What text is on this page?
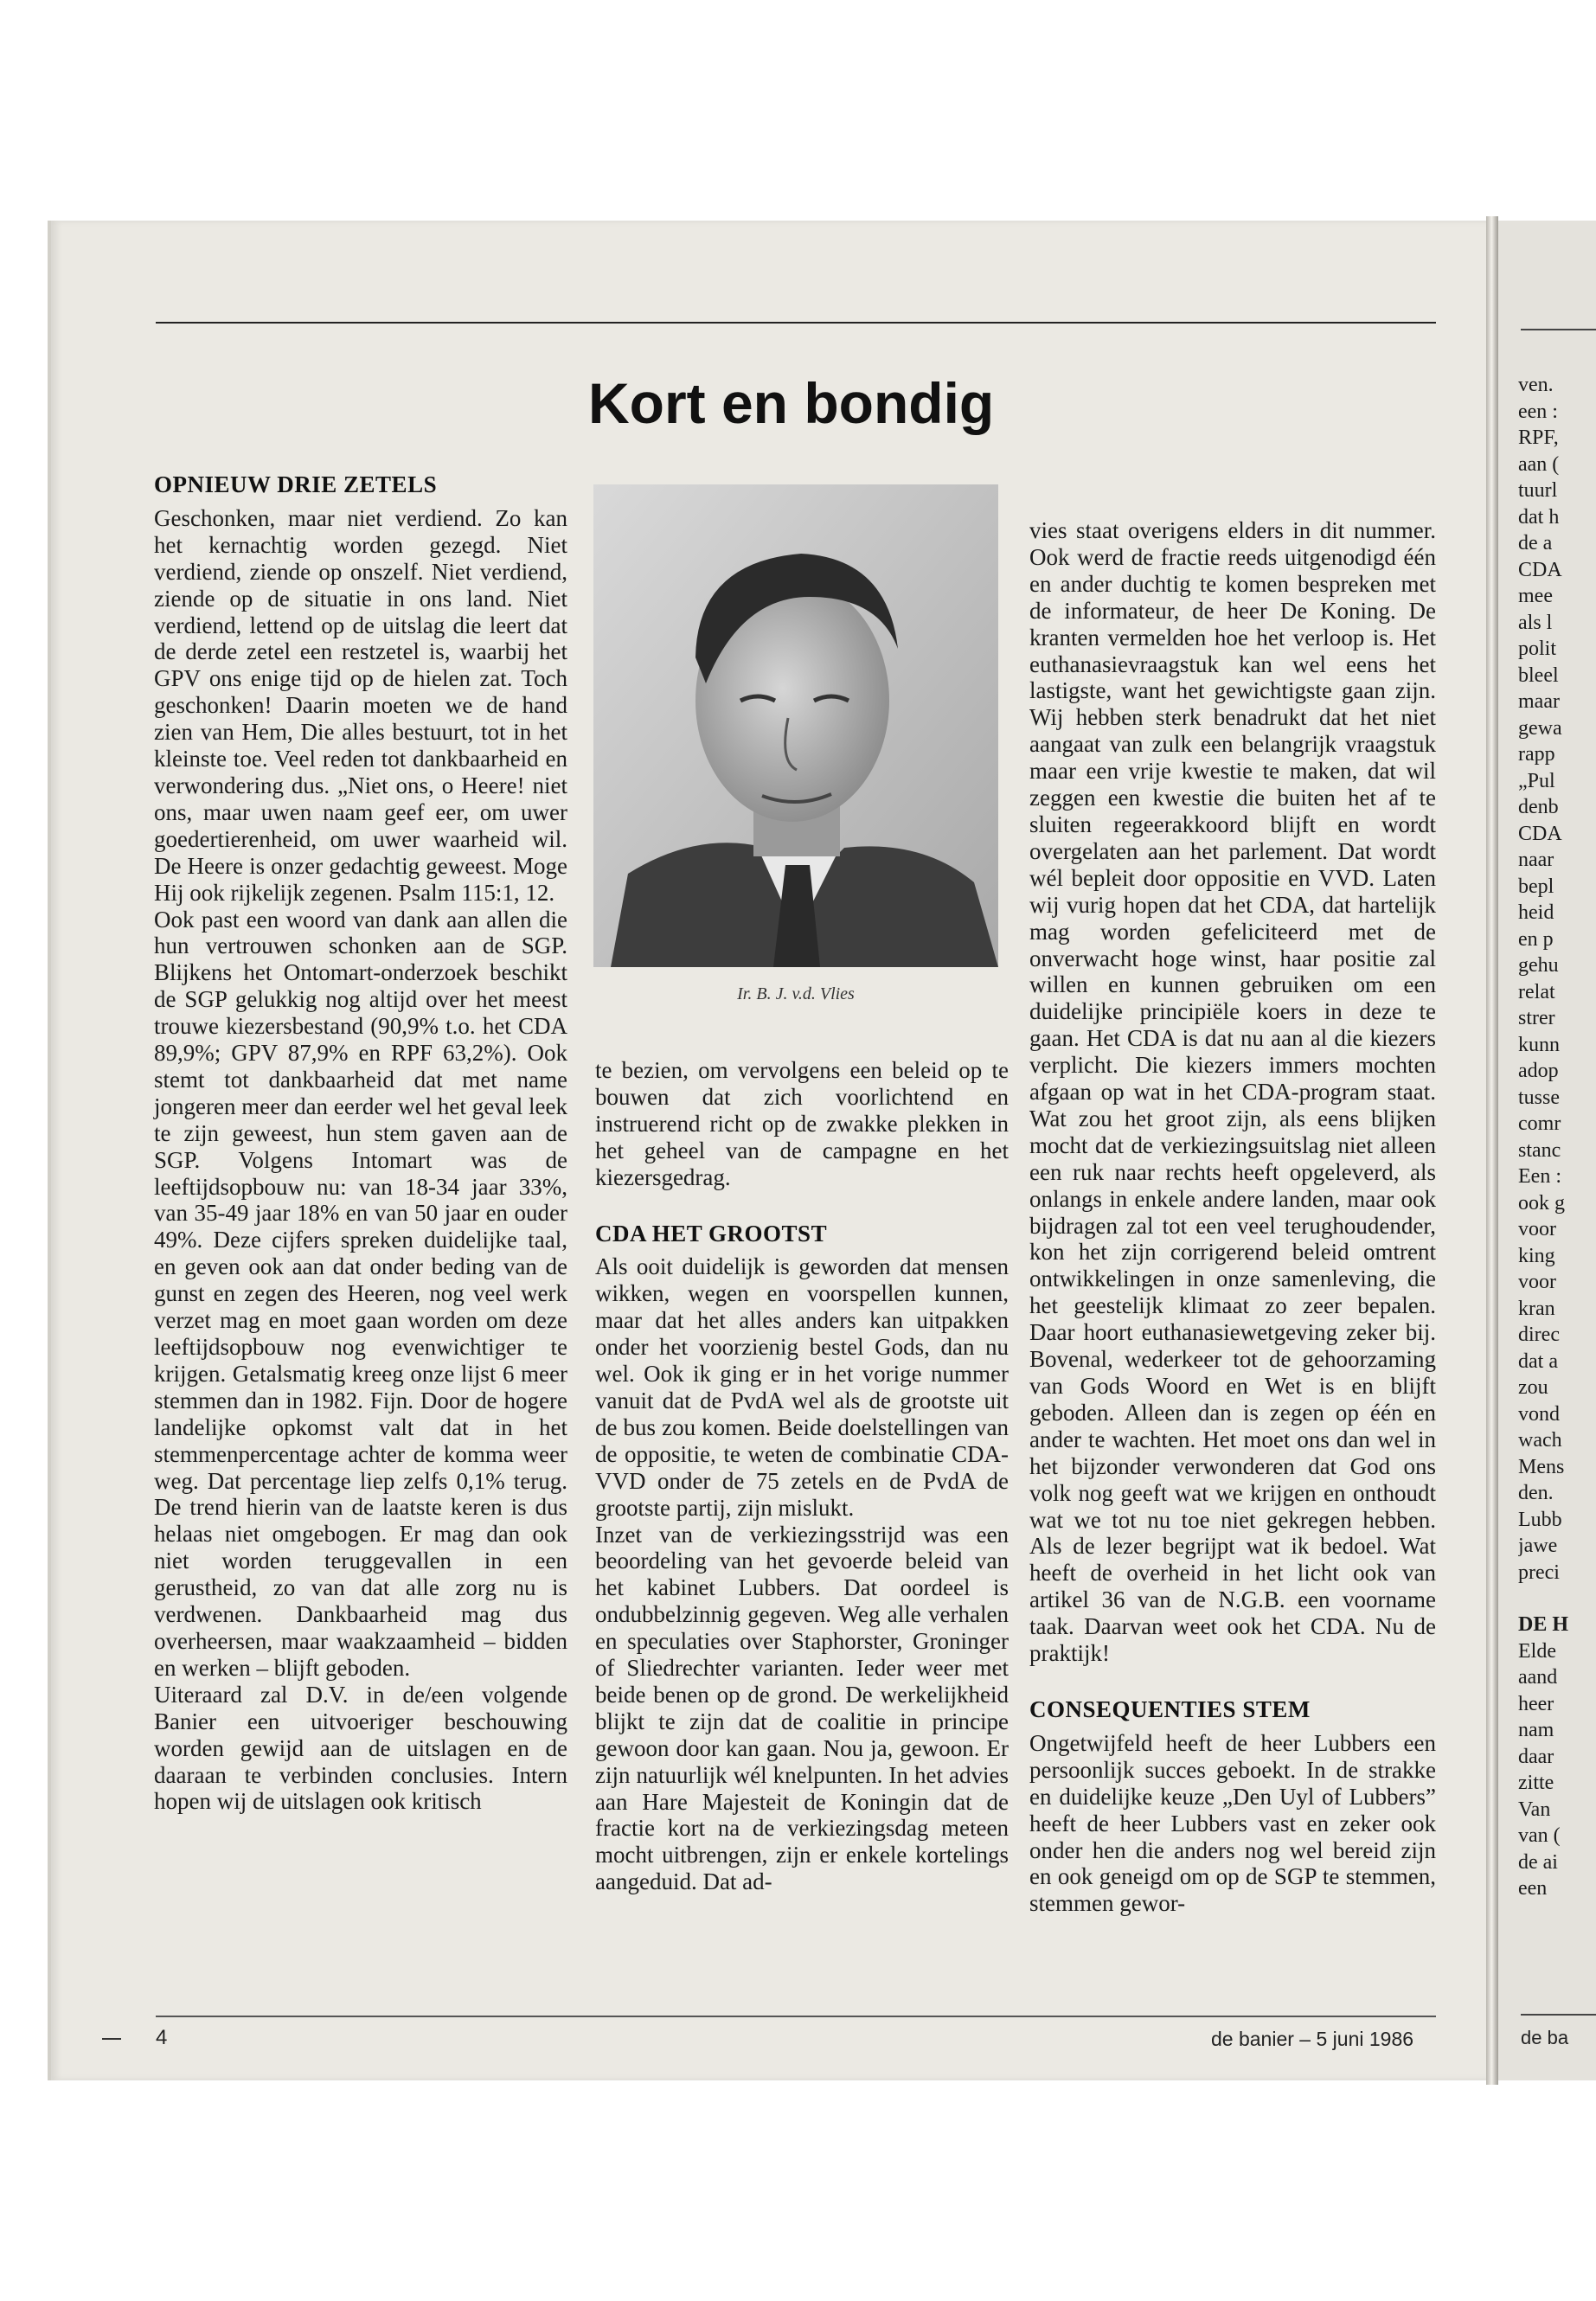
Kort en bondig
OPNIEUW DRIE ZETELS

Geschonken, maar niet verdiend. Zo kan het kernachtig worden gezegd. Niet verdiend, ziende op onszelf. Niet verdiend, ziende op de situatie in ons land. Niet verdiend, lettend op de uitslag die leert dat de derde zetel een restzetel is, waarbij het GPV ons enige tijd op de hielen zat. Toch geschonken! Daarin moeten we de hand zien van Hem, Die alles bestuurt, tot in het kleinste toe. Veel reden tot dankbaarheid en verwondering dus. „Niet ons, o Heere! niet ons, maar uwen naam geef eer, om uwer goedertierenheid, om uwer waarheid wil. De Heere is onzer gedachtig geweest. Moge Hij ook rijkelijk zegenen. Psalm 115:1, 12.

Ook past een woord van dank aan allen die hun vertrouwen schonken aan de SGP. Blijkens het Ontomart-onderzoek beschikt de SGP gelukkig nog altijd over het meest trouwe kiezersbestand (90,9% t.o. het CDA 89,9%; GPV 87,9% en RPF 63,2%). Ook stemt tot dankbaarheid dat met name jongeren meer dan eerder wel het geval leek te zijn geweest, hun stem gaven aan de SGP. Volgens Intomart was de leeftijdsopbouw nu: van 18-34 jaar 33%, van 35-49 jaar 18% en van 50 jaar en ouder 49%. Deze cijfers spreken duidelijke taal, en geven ook aan dat onder beding van de gunst en zegen des Heeren, nog veel werk verzet mag en moet gaan worden om deze leeftijdsopbouw nog evenwichtiger te krijgen. Getalsmatig kreeg onze lijst 6 meer stemmen dan in 1982. Fijn. Door de hogere landelijke opkomst valt dat in het stemmenpercentage achter de komma weer weg. Dat percentage liep zelfs 0,1% terug. De trend hierin van de laatste keren is dus helaas niet omgebogen. Er mag dan ook niet worden teruggevallen in een gerustheid, zo van dat alle zorg nu is verdwenen. Dankbaarheid mag dus overheersen, maar waakzaamheid – bidden en werken – blijft geboden.

Uiteraard zal D.V. in de/een volgende Banier een uitvoeriger beschouwing worden gewijd aan de uitslagen en de daaraan te verbinden conclusies. Intern hopen wij de uitslagen ook kritisch

Ir. B. J. v.d. Vlies

te bezien, om vervolgens een beleid op te bouwen dat zich voorlichtend en instruerend richt op de zwakke plekken in het geheel van de campagne en het kiezersgedrag.

CDA HET GROOTST

Als ooit duidelijk is geworden dat mensen wikken, wegen en voorspellen kunnen, maar dat het alles anders kan uitpakken onder het voorzienig bestel Gods, dan nu wel. Ook ik ging er in het vorige nummer vanuit dat de PvdA wel als de grootste uit de bus zou komen. Beide doelstellingen van de oppositie, te weten de combinatie CDA-VVD onder de 75 zetels en de PvdA de grootste partij, zijn mislukt.

Inzet van de verkiezingsstrijd was een beoordeling van het gevoerde beleid van het kabinet Lubbers. Dat oordeel is ondubbelzinnig gegeven. Weg alle verhalen en speculaties over Staphorster, Groninger of Sliedrechter varianten. Ieder weer met beide benen op de grond. De werkelijkheid blijkt te zijn dat de coalitie in principe gewoon door kan gaan. Nou ja, gewoon. Er zijn natuurlijk wél knelpunten. In het advies aan Hare Majesteit de Koningin dat de fractie kort na de verkiezingsdag meteen mocht uitbrengen, zijn er enkele kortelings aangeduid. Dat ad-

vies staat overigens elders in dit nummer. Ook werd de fractie reeds uitgenodigd één en ander duchtig te komen bespreken met de informateur, de heer De Koning. De kranten vermelden hoe het verloop is. Het euthanasievraagstuk kan wel eens het lastigste, want het gewichtigste gaan zijn. Wij hebben sterk benadrukt dat het niet aangaat van zulk een belangrijk vraagstuk maar een vrije kwestie te maken, dat wil zeggen een kwestie die buiten het af te sluiten regeerakkoord blijft en wordt overgelaten aan het parlement. Dat wordt wél bepleit door oppositie en VVD. Laten wij vurig hopen dat het CDA, dat hartelijk mag worden gefeliciteerd met de onverwacht hoge winst, haar positie zal willen en kunnen gebruiken om een duidelijke principiële koers in deze te gaan. Het CDA is dat nu aan al die kiezers verplicht. Die kiezers immers mochten afgaan op wat in het CDA-program staat. Wat zou het groot zijn, als eens blijken mocht dat de verkiezingsuitslag niet alleen een ruk naar rechts heeft opgeleverd, als onlangs in enkele andere landen, maar ook bijdragen zal tot een veel terughoudender, kon het zijn corrigerend beleid omtrent ontwikkelingen in onze samenleving, die het geestelijk klimaat zo zeer bepalen. Daar hoort euthanasiewetgeving zeker bij. Bovenal, wederkeer tot de gehoorzaming van Gods Woord en Wet is en blijft geboden. Alleen dan is zegen op één en ander te wachten. Het moet ons dan wel in het bijzonder verwonderen dat God ons volk nog geeft wat we krijgen en onthoudt wat we tot nu toe niet gekregen hebben. Als de lezer begrijpt wat ik bedoel. Wat heeft de overheid in het licht ook van artikel 36 van de N.G.B. een voorname taak. Daarvan weet ook het CDA. Nu de praktijk!

CONSEQUENTIES STEM

Ongetwijfeld heeft de heer Lubbers een persoonlijk succes geboekt. In de strakke en duidelijke keuze „Den Uyl of Lubbers” heeft de heer Lubbers vast en zeker ook onder hen die anders nog wel bereid zijn en ook geneigd om op de SGP te stemmen, stemmen gewor-

4	de banier – 5 juni 1986
ven.
een :
RPF,
aan (
tuurl
dat h
de a
CDA
mee
als l
polit
bleel
maar
gewa
rapp
„Pul
denb
CDA
naar
bepl
heid
en p
gehu
relat
strer
kunn
adop
tusse
comr
stanc
Een :
ook g
voor
king
voor
kran
direc
dat a
zou
vond
wach
Mens
den.
Lubb
jawe
preci
DE H
Elde
aand
heer
nam
daar
zitte
Van
van (
de ai
een
de ba
